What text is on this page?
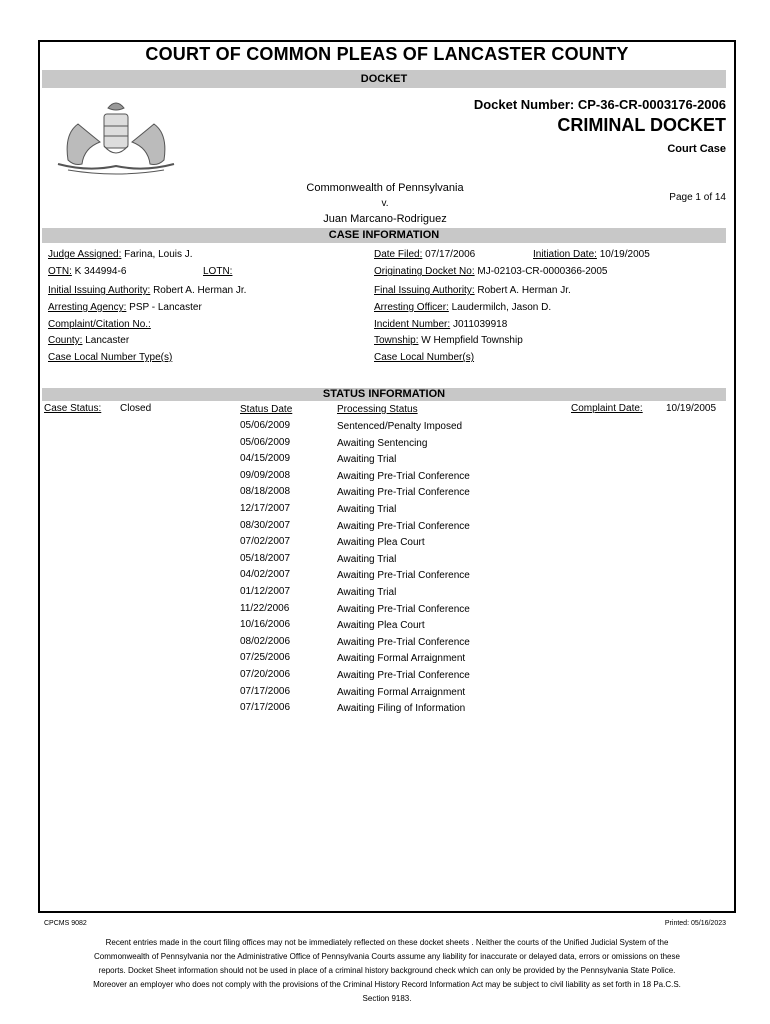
COURT OF COMMON PLEAS OF LANCASTER COUNTY
DOCKET
Docket Number: CP-36-CR-0003176-2006
CRIMINAL DOCKET
Court Case
Commonwealth of Pennsylvania
v.
Juan Marcano-Rodriguez
Page 1 of 14
CASE INFORMATION
Judge Assigned: Farina, Louis J.
OTN: K 344994-6	LOTN:
Initial Issuing Authority: Robert A. Herman Jr.
Arresting Agency: PSP - Lancaster
Complaint/Citation No.:
County: Lancaster
Case Local Number Type(s)
Date Filed: 07/17/2006	Initiation Date: 10/19/2005
Originating Docket No: MJ-02103-CR-0000366-2005
Final Issuing Authority: Robert A. Herman Jr.
Arresting Officer: Laudermilch, Jason D.
Incident Number: J011039918
Township: W Hempfield Township
Case Local Number(s)
STATUS INFORMATION
Case Status: Closed	Status Date	Processing Status	Complaint Date: 10/19/2005
05/06/2009	Sentenced/Penalty Imposed
05/06/2009	Awaiting Sentencing
04/15/2009	Awaiting Trial
09/09/2008	Awaiting Pre-Trial Conference
08/18/2008	Awaiting Pre-Trial Conference
12/17/2007	Awaiting Trial
08/30/2007	Awaiting Pre-Trial Conference
07/02/2007	Awaiting Plea Court
05/18/2007	Awaiting Trial
04/02/2007	Awaiting Pre-Trial Conference
01/12/2007	Awaiting Trial
11/22/2006	Awaiting Pre-Trial Conference
10/16/2006	Awaiting Plea Court
08/02/2006	Awaiting Pre-Trial Conference
07/25/2006	Awaiting Formal Arraignment
07/20/2006	Awaiting Pre-Trial Conference
07/17/2006	Awaiting Formal Arraignment
07/17/2006	Awaiting Filing of Information
CPCMS 9082	Printed: 05/16/2023
Recent entries made in the court filing offices may not be immediately reflected on these docket sheets . Neither the courts of the Unified Judicial System of the Commonwealth of Pennsylvania nor the Administrative Office of Pennsylvania Courts assume any liability for inaccurate or delayed data, errors or omissions on these reports. Docket Sheet information should not be used in place of a criminal history background check which can only be provided by the Pennsylvania State Police. Moreover an employer who does not comply with the provisions of the Criminal History Record Information Act may be subject to civil liability as set forth in 18 Pa.C.S. Section 9183.
